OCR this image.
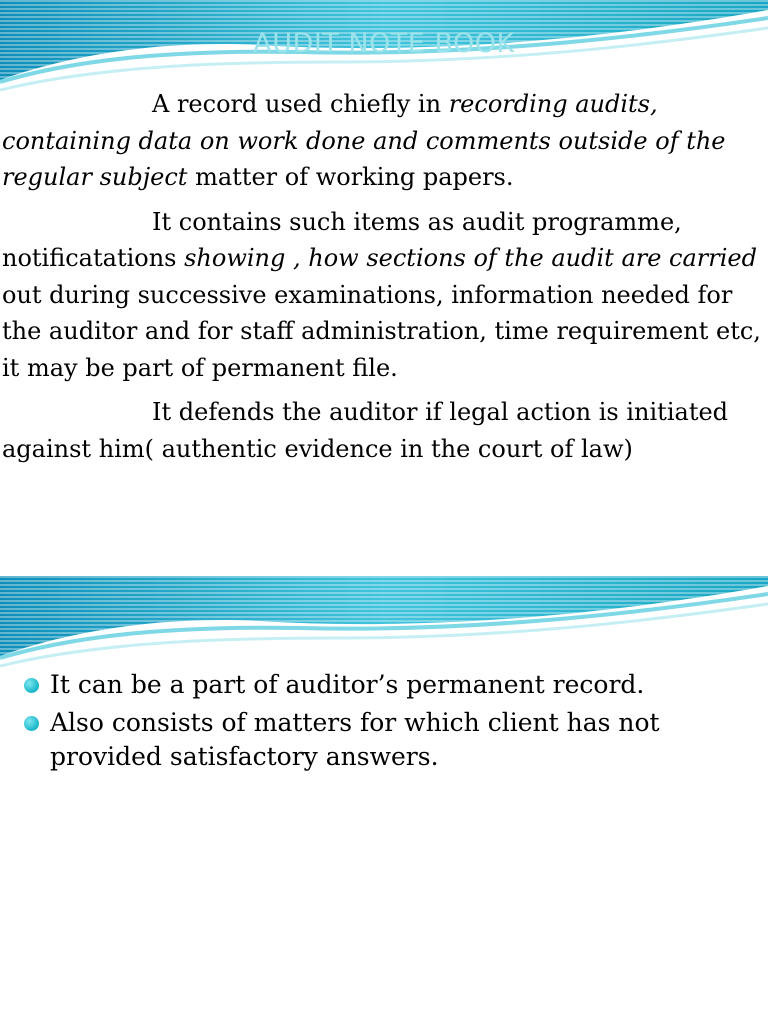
AUDIT NOTE BOOK

A record used chiefly in recording audits, containing data on work done and comments outside of the regular subject matter of working papers.

It contains such items as audit programme, notificatations showing , how sections of the audit are carried out during successive examinations, information needed for the auditor and for staff administration, time requirement etc, it may be part of permanent file.

It defends the auditor if legal action is initiated against him( authentic evidence in the court of law)

It can be a part of auditor’s permanent record.
Also consists of matters for which client has not provided satisfactory answers.
